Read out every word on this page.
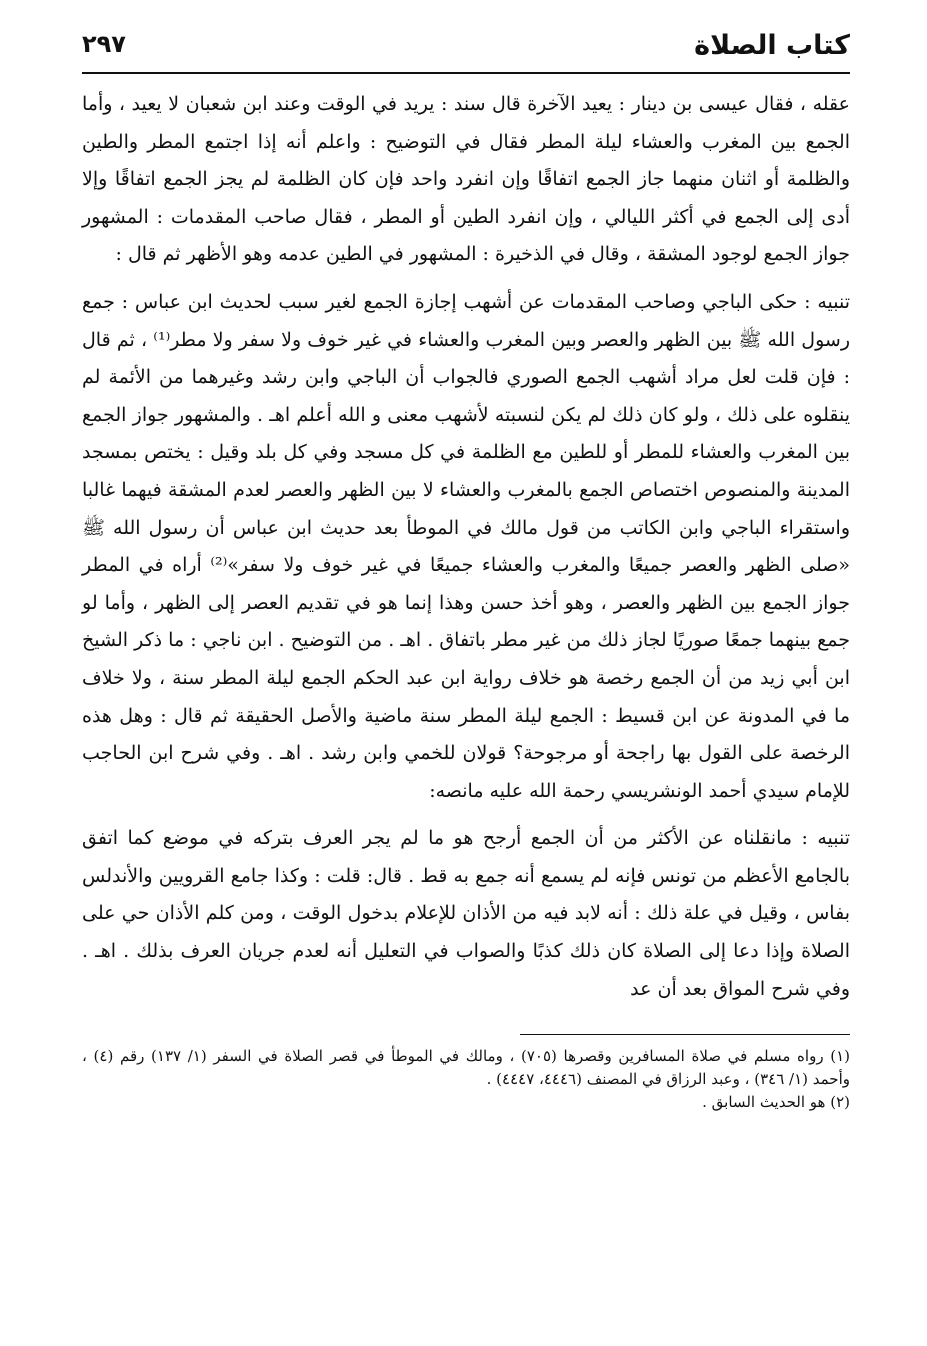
كتاب الصلاة
٢٩٧

عقله ، فقال عيسى بن دينار : يعيد الآخرة قال سند : يريد في الوقت وعند ابن شعبان لا يعيد ، وأما الجمع بين المغرب والعشاء ليلة المطر فقال في التوضيح : واعلم أنه إذا اجتمع المطر والطين والظلمة أو اثنان منهما جاز الجمع اتفاقًا وإن انفرد واحد فإن كان الظلمة لم يجز الجمع اتفاقًا وإلا أدى إلى الجمع في أكثر الليالي ، وإن انفرد الطين أو المطر ، فقال صاحب المقدمات : المشهور جواز الجمع لوجود المشقة ، وقال في الذخيرة : المشهور في الطين عدمه وهو الأظهر ثم قال :

تنبيه : حكى الباجي وصاحب المقدمات عن أشهب إجازة الجمع لغير سبب لحديث ابن عباس : جمع رسول الله ﷺ بين الظهر والعصر وبين المغرب والعشاء في غير خوف ولا سفر ولا مطر⁽¹⁾ ، ثم قال : فإن قلت لعل مراد أشهب الجمع الصوري فالجواب أن الباجي وابن رشد وغيرهما من الأئمة لم ينقلوه على ذلك ، ولو كان ذلك لم يكن لنسبته لأشهب معنى و الله أعلم اهـ . والمشهور جواز الجمع بين المغرب والعشاء للمطر أو للطين مع الظلمة في كل مسجد وفي كل بلد وقيل : يختص بمسجد المدينة والمنصوص اختصاص الجمع بالمغرب والعشاء لا بين الظهر والعصر لعدم المشقة فيهما غالبا واستقراء الباجي وابن الكاتب من قول مالك في الموطأ بعد حديث ابن عباس أن رسول الله ﷺ «صلى الظهر والعصر جميعًا والمغرب والعشاء جميعًا في غير خوف ولا سفر»⁽²⁾ أراه في المطر جواز الجمع بين الظهر والعصر ، وهو أخذ حسن وهذا إنما هو في تقديم العصر إلى الظهر ، وأما لو جمع بينهما جمعًا صوريًا لجاز ذلك من غير مطر باتفاق . اهـ . من التوضيح . ابن ناجي : ما ذكر الشيخ ابن أبي زيد من أن الجمع رخصة هو خلاف رواية ابن عبد الحكم الجمع ليلة المطر سنة ، ولا خلاف ما في المدونة عن ابن قسيط : الجمع ليلة المطر سنة ماضية والأصل الحقيقة ثم قال : وهل هذه الرخصة على القول بها راجحة أو مرجوحة؟ قولان للخمي وابن رشد . اهـ . وفي شرح ابن الحاجب للإمام سيدي أحمد الونشريسي رحمة الله عليه مانصه:

تنبيه : مانقلناه عن الأكثر من أن الجمع أرجح هو ما لم يجر العرف بتركه في موضع كما اتفق بالجامع الأعظم من تونس فإنه لم يسمع أنه جمع به قط . قال: قلت : وكذا جامع القرويين والأندلس بفاس ، وقيل في علة ذلك : أنه لابد فيه من الأذان للإعلام بدخول الوقت ، ومن كلم الأذان حي على الصلاة وإذا دعا إلى الصلاة كان ذلك كذبًا والصواب في التعليل أنه لعدم جريان العرف بذلك . اهـ . وفي شرح المواق بعد أن عد

(١) رواه مسلم في صلاة المسافرين وقصرها (٧٠٥) ، ومالك في الموطأ في قصر الصلاة في السفر (١/ ١٣٧) رقم (٤) ، وأحمد (١/ ٣٤٦) ، وعبد الرزاق في المصنف (٤٤٤٦، ٤٤٤٧) .

(٢) هو الحديث السابق .
